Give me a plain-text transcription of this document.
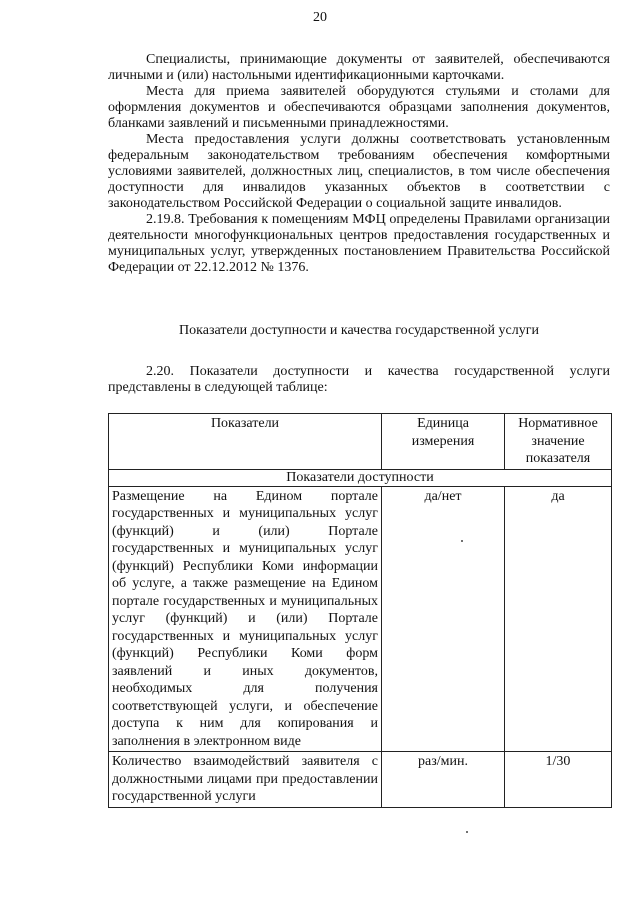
20

Специалисты, принимающие документы от заявителей, обеспечиваются личными и (или) настольными идентификационными карточками.

Места для приема заявителей оборудуются стульями и столами для оформления документов и обеспечиваются образцами заполнения документов, бланками заявлений и письменными принадлежностями.

Места предоставления услуги должны соответствовать установленным федеральным законодательством требованиям обеспечения комфортными условиями заявителей, должностных лиц, специалистов, в том числе обеспечения доступности для инвалидов указанных объектов в соответствии с законодательством Российской Федерации о социальной защите инвалидов.

2.19.8. Требования к помещениям МФЦ определены Правилами организации деятельности многофункциональных центров предоставления государственных и муниципальных услуг, утвержденных постановлением Правительства Российской Федерации от 22.12.2012 № 1376.

Показатели доступности и качества государственной услуги
2.20. Показатели доступности и качества государственной услуги представлены в следующей таблице:
Показатели	Единица измерения	Нормативное значение показателя
Показатели доступности		
Размещение на Едином портале государственных и муниципальных услуг (функций) и (или) Портале государственных и муниципальных услуг (функций) Республики Коми информации об услуге, а также размещение на Едином портале государственных и муниципальных услуг (функций) и (или) Портале государственных и муниципальных услуг (функций) Республики Коми форм заявлений и иных документов, необходимых для получения соответствующей услуги, и обеспечение доступа к ним для копирования и заполнения в электронном виде	да/нет	да
Количество взаимодействий заявителя с должностными лицами при предоставлении государственной услуги	раз/мин.	1/30
